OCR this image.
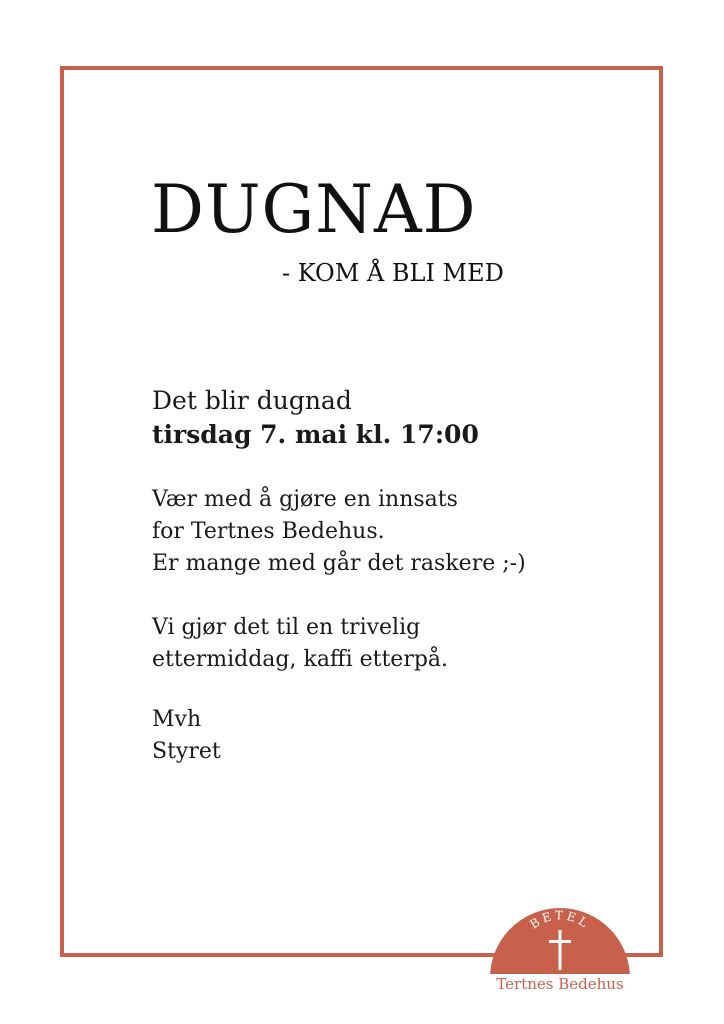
DUGNAD

- KOM Å BLI MED

Det blir dugnad
tirsdag 7. mai kl. 17:00

Vær med å gjøre en innsats
for Tertnes Bedehus.
Er mange med går det raskere ;-)

Vi gjør det til en trivelig
ettermiddag, kaffi etterpå.

Mvh
Styret

BETEL
Tertnes Bedehus
